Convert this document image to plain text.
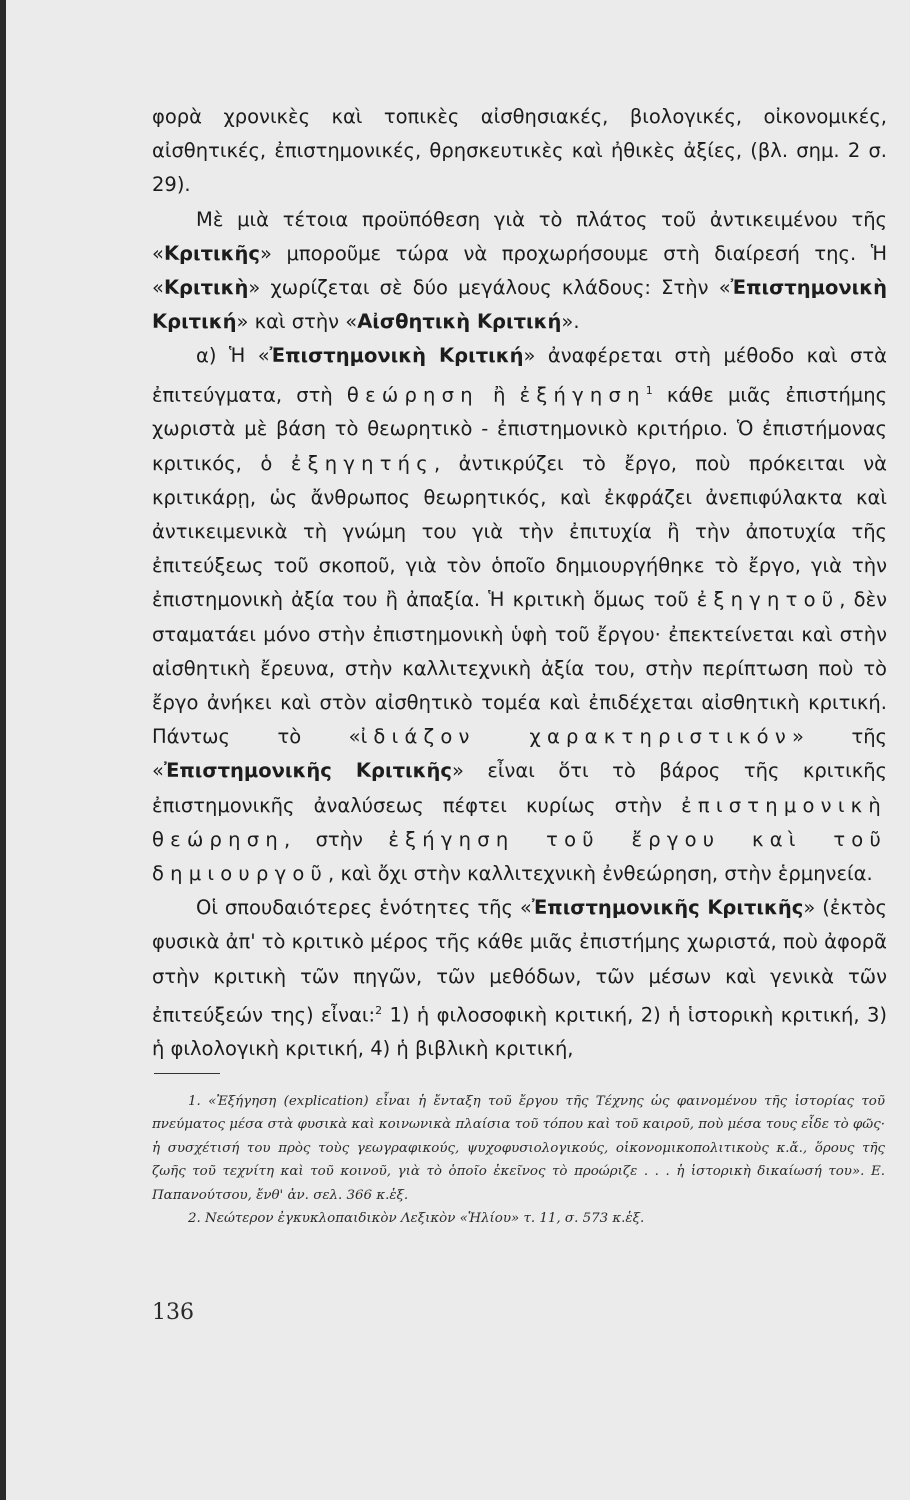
φορὰ χρονικὲς καὶ τοπικὲς αἰσθησιακές, βιολογικές, οἰκονομικές, αἰσθητικές, ἐπιστημονικές, θρησκευτικὲς καὶ ἠθικὲς ἀξίες, (βλ. σημ. 2 σ. 29).

Μὲ μιὰ τέτοια προϋπόθεση γιὰ τὸ πλάτος τοῦ ἀντικειμένου τῆς «Κριτικῆς» μποροῦμε τώρα νὰ προχωρήσουμε στὴ διαίρεσή της. Ἡ «Κριτικὴ» χωρίζεται σὲ δύο μεγάλους κλάδους: Στὴν «Ἐπιστημονικὴ Κριτική» καὶ στὴν «Αἰσθητικὴ Κριτική».

α) Ἡ «Ἐπιστημονικὴ Κριτική» ἀναφέρεται στὴ μέθοδο καὶ στὰ ἐπιτεύγματα, στὴ θεώρηση ἢ ἐξήγηση$^1$ κάθε μιᾶς ἐπιστήμης χωριστὰ μὲ βάση τὸ θεωρητικὸ - ἐπιστημονικὸ κριτήριο. Ὁ ἐπιστήμονας κριτικός, ὁ ἐξηγητής, ἀντικρύζει τὸ ἔργο, ποὺ πρόκειται νὰ κριτικάρῃ, ὡς ἄνθρωπος θεωρητικός, καὶ ἐκφράζει ἀνεπιφύλακτα καὶ ἀντικειμενικὰ τὴ γνώμη του γιὰ τὴν ἐπιτυχία ἢ τὴν ἀποτυχία τῆς ἐπιτεύξεως τοῦ σκοποῦ, γιὰ τὸν ὁποῖο δημιουργήθηκε τὸ ἔργο, γιὰ τὴν ἐπιστημονικὴ ἀξία του ἢ ἀπαξία. Ἡ κριτικὴ ὅμως τοῦ ἐξηγητοῦ, δὲν σταματάει μόνο στὴν ἐπιστημονικὴ ὑφὴ τοῦ ἔργου· ἐπεκτείνεται καὶ στὴν αἰσθητικὴ ἔρευνα, στὴν καλλιτεχνικὴ ἀξία του, στὴν περίπτωση ποὺ τὸ ἔργο ἀνήκει καὶ στὸν αἰσθητικὸ τομέα καὶ ἐπιδέχεται αἰσθητικὴ κριτική. Πάντως τὸ «ἰδιάζον χαρακτηριστικόν» τῆς «Ἐπιστημονικῆς Κριτικῆς» εἶναι ὅτι τὸ βάρος τῆς κριτικῆς ἐπιστημονικῆς ἀναλύσεως πέφτει κυρίως στὴν ἐπιστημονικὴ θεώρηση, στὴν ἐξήγηση τοῦ ἔργου καὶ τοῦ δημιουργοῦ, καὶ ὄχι στὴν καλλιτεχνικὴ ἐνθεώρηση, στὴν ἑρμηνεία.

Οἱ σπουδαιότερες ἑνότητες τῆς «Ἐπιστημονικῆς Κριτικῆς» (ἐκτὸς φυσικὰ ἀπ' τὸ κριτικὸ μέρος τῆς κάθε μιᾶς ἐπιστήμης χωριστά, ποὺ ἀφορᾶ στὴν κριτικὴ τῶν πηγῶν, τῶν μεθόδων, τῶν μέσων καὶ γενικὰ τῶν ἐπιτεύξεών της) εἶναι:$^2$ 1) ἡ φιλοσοφικὴ κριτική, 2) ἡ ἱστορικὴ κριτική, 3) ἡ φιλολογικὴ κριτική, 4) ἡ βιβλικὴ κριτική,

1. «Ἐξήγηση (explication) εἶναι ἡ ἔνταξη τοῦ ἔργου τῆς Τέχνης ὡς φαινομένου τῆς ἱστορίας τοῦ πνεύματος μέσα στὰ φυσικὰ καὶ κοινωνικὰ πλαίσια τοῦ τόπου καὶ τοῦ καιροῦ, ποὺ μέσα τους εἶδε τὸ φῶς· ἡ συσχέτισή του πρὸς τοὺς γεωγραφικούς, ψυχοφυσιολογικούς, οἰκονομικοπολιτικοὺς κ.ἄ., ὅρους τῆς ζωῆς τοῦ τεχνίτη καὶ τοῦ κοινοῦ, γιὰ τὸ ὁποῖο ἐκεῖνος τὸ προώριζε . . . ἡ ἱστορικὴ δικαίωσή του». Ε. Παπανούτσου, ἔνθ' ἀν. σελ. 366 κ.ἑξ.

2. Νεώτερον ἐγκυκλοπαιδικὸν Λεξικὸν «Ἡλίου» τ. 11, σ. 573 κ.ἑξ.

136
